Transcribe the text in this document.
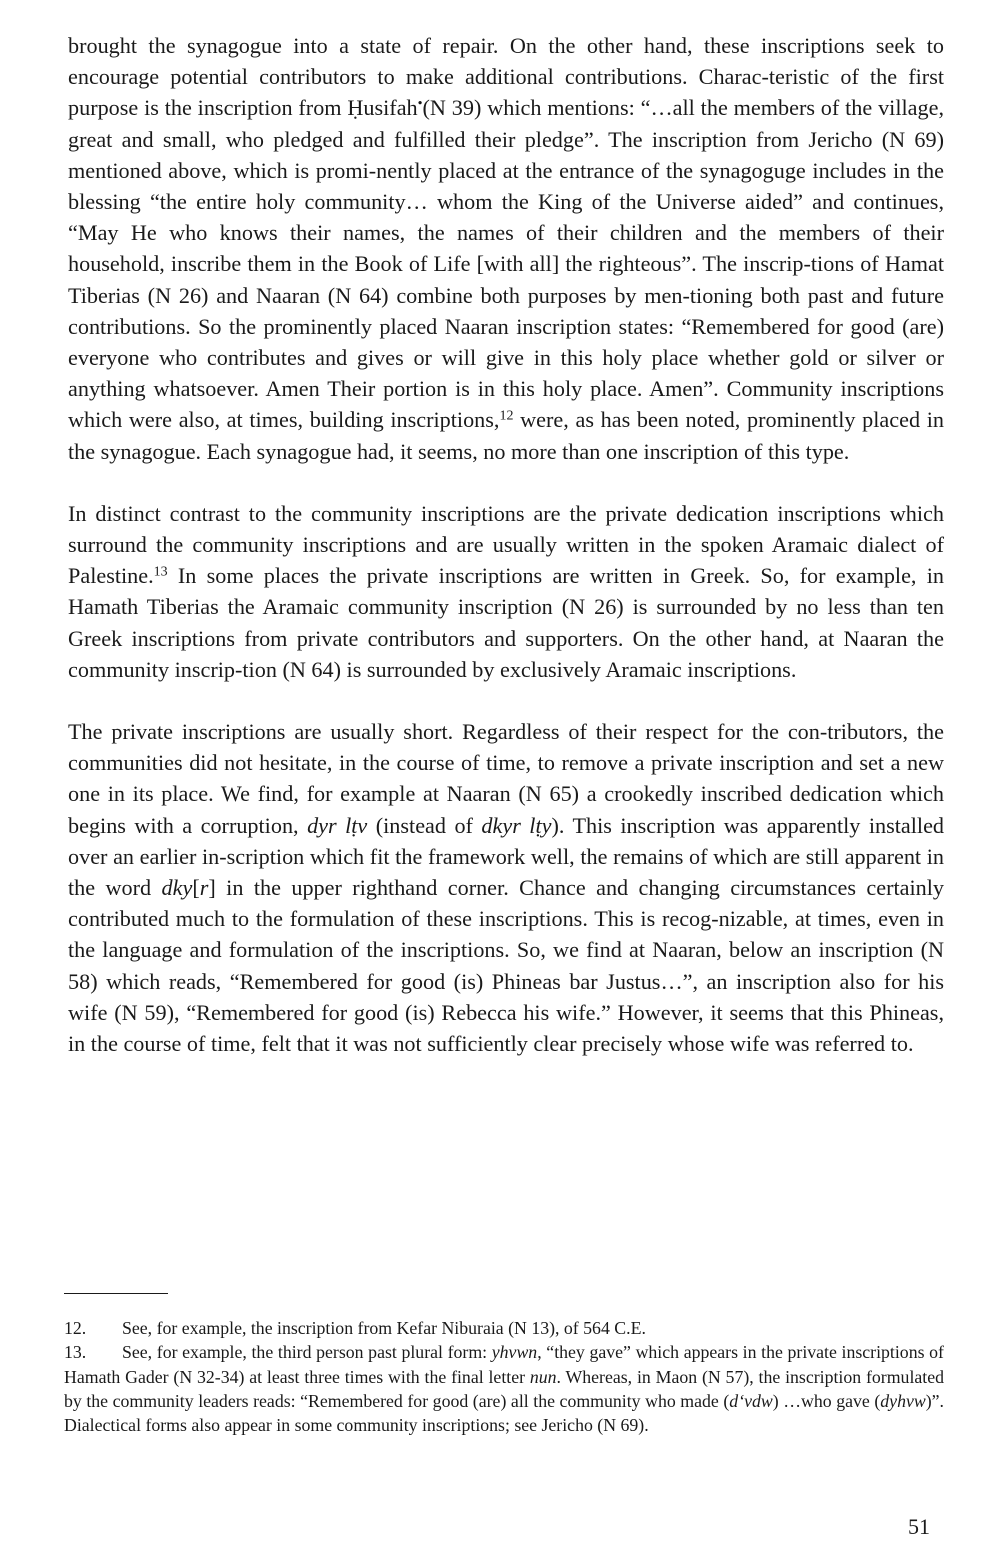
brought the synagogue into a state of repair. On the other hand, these inscriptions seek to encourage potential contributors to make additional contributions. Charac-teristic of the first purpose is the inscription from Ḥusifah•(N 39) which mentions: “…all the members of the village, great and small, who pledged and fulfilled their pledge”. The inscription from Jericho (N 69) mentioned above, which is promi-nently placed at the entrance of the synagoguge includes in the blessing “the entire holy community… whom the King of the Universe aided” and continues, “May He who knows their names, the names of their children and the members of their household, inscribe them in the Book of Life [with all] the righteous”. The inscrip-tions of Hamat Tiberias (N 26) and Naaran (N 64) combine both purposes by men-tioning both past and future contributions. So the prominently placed Naaran inscription states: “Remembered for good (are) everyone who contributes and gives or will give in this holy place whether gold or silver or anything whatsoever. Amen Their portion is in this holy place. Amen”. Community inscriptions which were also, at times, building inscriptions,$^{12}$ were, as has been noted, prominently placed in the synagogue. Each synagogue had, it seems, no more than one inscription of this type.

In distinct contrast to the community inscriptions are the private dedication inscriptions which surround the community inscriptions and are usually written in the spoken Aramaic dialect of Palestine.$^{13}$ In some places the private inscriptions are written in Greek. So, for example, in Hamath Tiberias the Aramaic community inscription (N 26) is surrounded by no less than ten Greek inscriptions from private contributors and supporters. On the other hand, at Naaran the community inscrip-tion (N 64) is surrounded by exclusively Aramaic inscriptions.

The private inscriptions are usually short. Regardless of their respect for the con-tributors, the communities did not hesitate, in the course of time, to remove a private inscription and set a new one in its place. We find, for example at Naaran (N 65) a crookedly inscribed dedication which begins with a corruption, dyr lṭv (instead of dkyr lṭy). This inscription was apparently installed over an earlier in-scription which fit the framework well, the remains of which are still apparent in the word dky[r] in the upper righthand corner. Chance and changing circumstances certainly contributed much to the formulation of these inscriptions. This is recog-nizable, at times, even in the language and formulation of the inscriptions. So, we find at Naaran, below an inscription (N 58) which reads, “Remembered for good (is) Phineas bar Justus…”, an inscription also for his wife (N 59), “Remembered for good (is) Rebecca his wife.” However, it seems that this Phineas, in the course of time, felt that it was not sufficiently clear precisely whose wife was referred to.

12. See, for example, the inscription from Kefar Niburaia (N 13), of 564 C.E.

13. See, for example, the third person past plural form: yhvwn, “they gave” which appears in the private inscriptions of Hamath Gader (N 32-34) at least three times with the final letter nun. Whereas, in Maon (N 57), the inscription formulated by the community leaders reads: “Remembered for good (are) all the community who made (d‘vdw) …who gave (dyhvw)”. Dialectical forms also appear in some community inscriptions; see Jericho (N 69).

51
